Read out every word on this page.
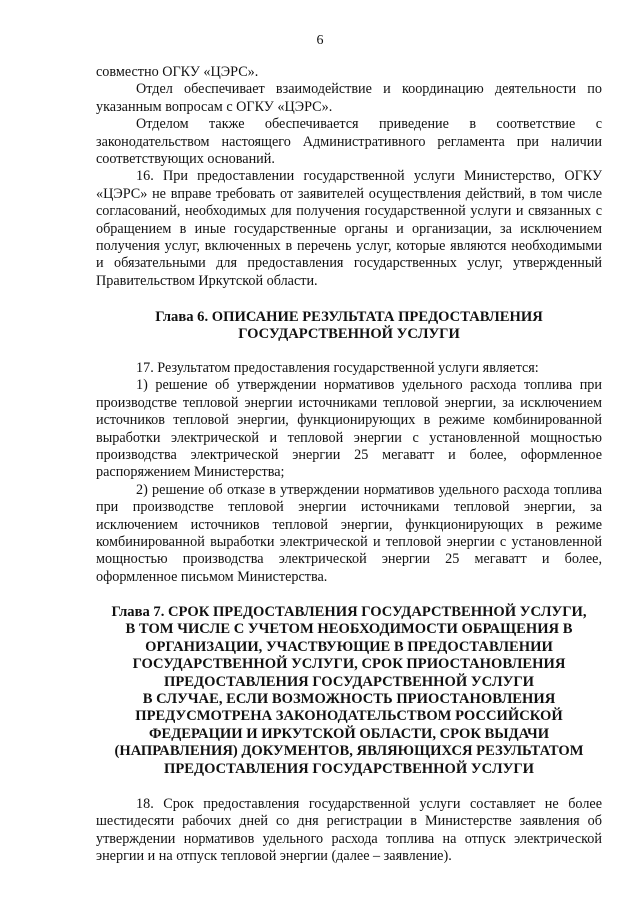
6

совместно ОГКУ «ЦЭРС».

Отдел обеспечивает взаимодействие и координацию деятельности по указанным вопросам с ОГКУ «ЦЭРС».

Отделом также обеспечивается приведение в соответствие с законодательством настоящего Административного регламента при наличии соответствующих оснований.

16. При предоставлении государственной услуги Министерство, ОГКУ «ЦЭРС» не вправе требовать от заявителей осуществления действий, в том числе согласований, необходимых для получения государственной услуги и связанных с обращением в иные государственные органы и организации, за исключением получения услуг, включенных в перечень услуг, которые являются необходимыми и обязательными для предоставления государственных услуг, утвержденный Правительством Иркутской области.

Глава 6. ОПИСАНИЕ РЕЗУЛЬТАТА ПРЕДОСТАВЛЕНИЯ
ГОСУДАРСТВЕННОЙ УСЛУГИ

17. Результатом предоставления государственной услуги является:

1) решение об утверждении нормативов удельного расхода топлива при производстве тепловой энергии источниками тепловой энергии, за исключением источников тепловой энергии, функционирующих в режиме комбинированной выработки электрической и тепловой энергии с установленной мощностью производства электрической энергии 25 мегаватт и более, оформленное распоряжением Министерства;

2) решение об отказе в утверждении нормативов удельного расхода топлива при производстве тепловой энергии источниками тепловой энергии, за исключением источников тепловой энергии, функционирующих в режиме комбинированной выработки электрической и тепловой энергии с установленной мощностью производства электрической энергии 25 мегаватт и более, оформленное письмом Министерства.

Глава 7. СРОК ПРЕДОСТАВЛЕНИЯ ГОСУДАРСТВЕННОЙ УСЛУГИ,
В ТОМ ЧИСЛЕ С УЧЕТОМ НЕОБХОДИМОСТИ ОБРАЩЕНИЯ В
ОРГАНИЗАЦИИ, УЧАСТВУЮЩИЕ В ПРЕДОСТАВЛЕНИИ
ГОСУДАРСТВЕННОЙ УСЛУГИ, СРОК ПРИОСТАНОВЛЕНИЯ
ПРЕДОСТАВЛЕНИЯ ГОСУДАРСТВЕННОЙ УСЛУГИ
В СЛУЧАЕ, ЕСЛИ ВОЗМОЖНОСТЬ ПРИОСТАНОВЛЕНИЯ
ПРЕДУСМОТРЕНА ЗАКОНОДАТЕЛЬСТВОМ РОССИЙСКОЙ
ФЕДЕРАЦИИ И ИРКУТСКОЙ ОБЛАСТИ, СРОК ВЫДАЧИ
(НАПРАВЛЕНИЯ) ДОКУМЕНТОВ, ЯВЛЯЮЩИХСЯ РЕЗУЛЬТАТОМ
ПРЕДОСТАВЛЕНИЯ ГОСУДАРСТВЕННОЙ УСЛУГИ

18. Срок предоставления государственной услуги составляет не более шестидесяти рабочих дней со дня регистрации в Министерстве заявления об утверждении нормативов удельного расхода топлива на отпуск электрической энергии и на отпуск тепловой энергии (далее – заявление).
